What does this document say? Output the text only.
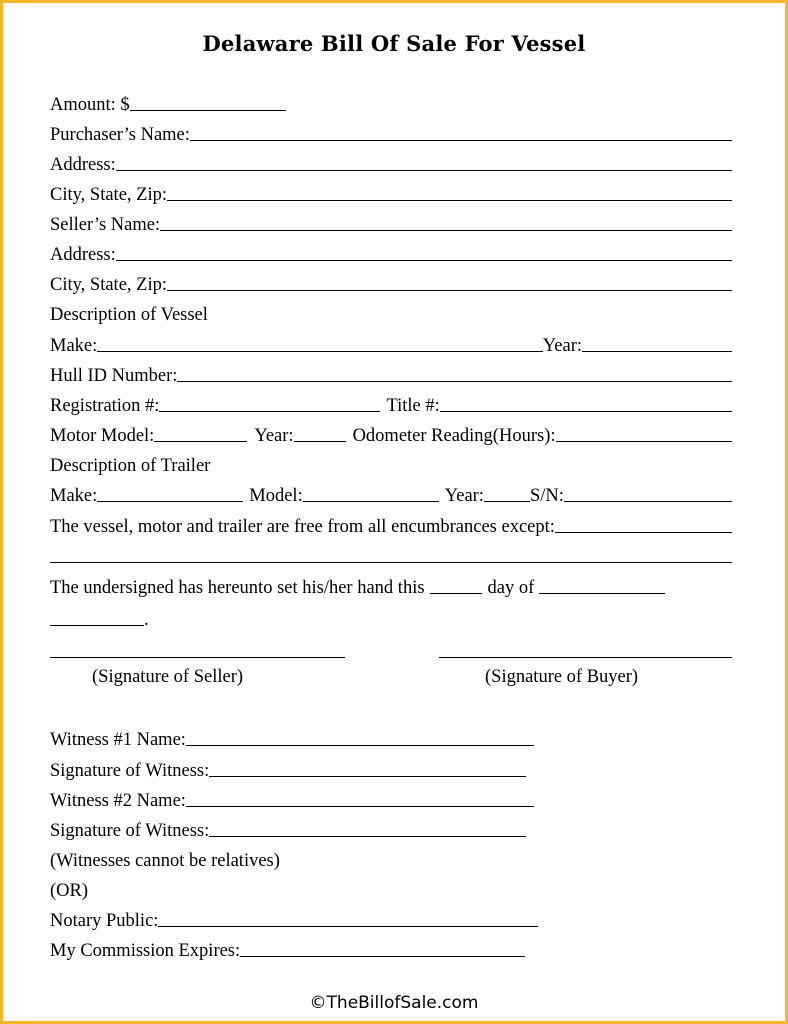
Delaware Bill Of Sale For Vessel
Amount: $
Purchaser’s Name:
Address:
City, State, Zip:
Seller’s Name:
Address:
City, State, Zip:
Description of Vessel
Make:	Year:
Hull ID Number:
Registration #:	Title #:
Motor Model:	Year:	Odometer Reading(Hours):
Description of Trailer
Make:	Model:	Year: S/N:
The vessel, motor and trailer are free from all encumbrances except:
The undersigned has hereunto set his/her hand this	day of
.
(Signature of Seller)	(Signature of Buyer)
Witness #1 Name:
Signature of Witness:
Witness #2 Name:
Signature of Witness:
(Witnesses cannot be relatives)
(OR)
Notary Public:
My Commission Expires:
©TheBillofSale.com
